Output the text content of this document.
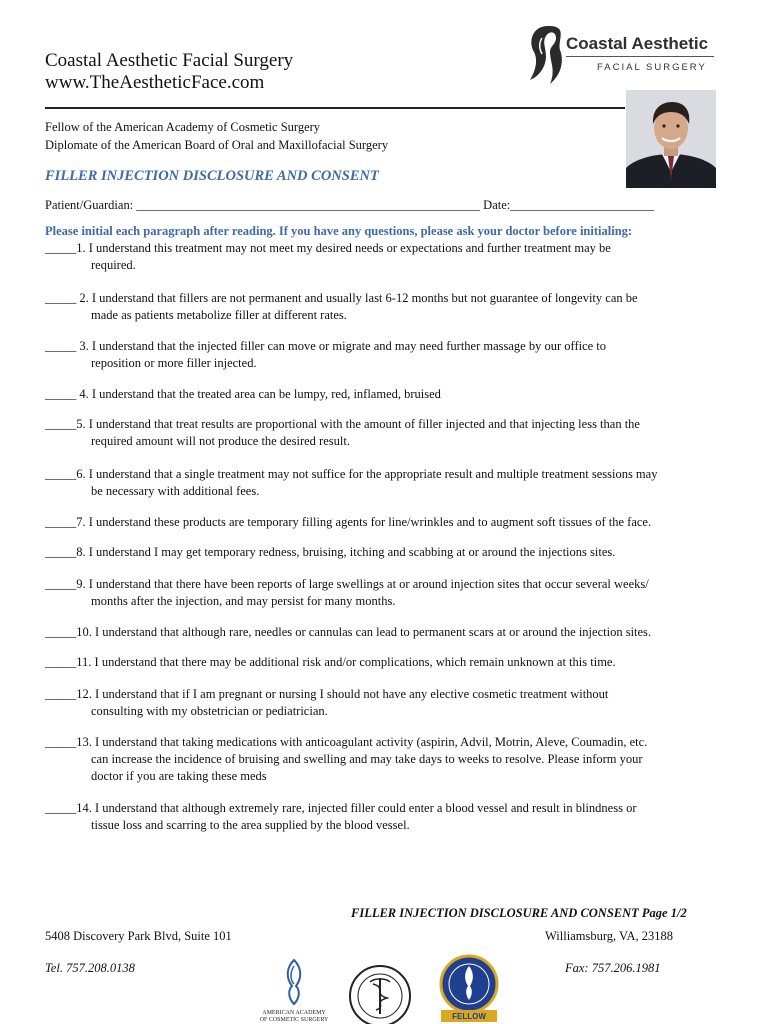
Coastal Aesthetic Facial Surgery
www.TheAestheticFace.com
Fellow of the American Academy of Cosmetic Surgery
Diplomate of the American Board of Oral and Maxillofacial Surgery
Coastal Aesthetic
FACIAL SURGERY
FILLER INJECTION DISCLOSURE AND CONSENT
Patient/Guardian: _______________________________________________________ Date:_______________________
Please initial each paragraph after reading. If you have any questions, please ask your doctor before initialing:
_____1. I understand this treatment may not meet my desired needs or expectations and further treatment may be
required.
_____ 2. I understand that fillers are not permanent and usually last 6-12 months but not guarantee of longevity can be
made as patients metabolize filler at different rates.
_____ 3. I understand that the injected filler can move or migrate and may need further massage by our office to
reposition or more filler injected.
_____ 4. I understand that the treated area can be lumpy, red, inflamed, bruised
_____5. I understand that treat results are proportional with the amount of filler injected and that injecting less than the
required amount will not produce the desired result.
_____6. I understand that a single treatment may not suffice for the appropriate result and multiple treatment sessions may
be necessary with additional fees.
_____7. I understand these products are temporary filling agents for line/wrinkles and to augment soft tissues of the face.
_____8. I understand I may get temporary redness, bruising, itching and scabbing at or around the injections sites.
_____9. I understand that there have been reports of large swellings at or around injection sites that occur several weeks/
months after the injection, and may persist for many months.
_____10. I understand that although rare, needles or cannulas can lead to permanent scars at or around the injection sites.
_____11. I understand that there may be additional risk and/or complications, which remain unknown at this time.
_____12. I understand that if I am pregnant or nursing I should not have any elective cosmetic treatment without
consulting with my obstetrician or pediatrician.
_____13. I understand that taking medications with anticoagulant activity (aspirin, Advil, Motrin, Aleve, Coumadin, etc.
can increase the incidence of bruising and swelling and may take days to weeks to resolve. Please inform your
doctor if you are taking these meds
_____14. I understand that although extremely rare, injected filler could enter a blood vessel and result in blindness or
tissue loss and scarring to the area supplied by the blood vessel.
FILLER INJECTION DISCLOSURE AND CONSENT Page 1/2
5408 Discovery Park Blvd, Suite 101	Williamsburg, VA, 23188
Tel. 757.208.0138	Fax: 757.206.1981
AMERICAN ACADEMY
OF COSMETIC SURGERY	FELLOW
